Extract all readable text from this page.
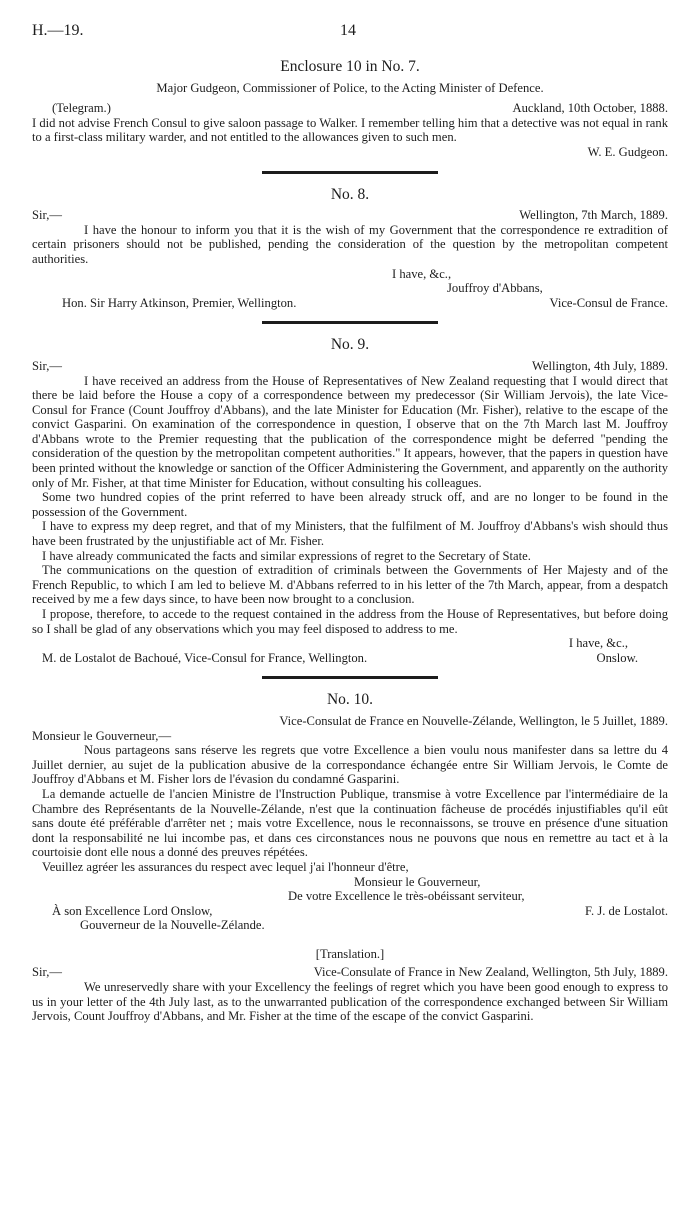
H.—19.	14
Enclosure 10 in No. 7.
Major Gudgeon, Commissioner of Police, to the Acting Minister of Defence.
(Telegram.)	Auckland, 10th October, 1888.

I did not advise French Consul to give saloon passage to Walker. I remember telling him that a detective was not equal in rank to a first-class military warder, and not entitled to the allowances given to such men.

W. E. Gudgeon.
No. 8.
Sir,—	Wellington, 7th March, 1889.

I have the honour to inform you that it is the wish of my Government that the correspondence re extradition of certain prisoners should not be published, pending the consideration of the question by the metropolitan competent authorities.

I have, &c.,
Jouffroy d'Abbans,
Hon. Sir Harry Atkinson, Premier, Wellington.	Vice-Consul de France.
No. 9.
Sir,—	Wellington, 4th July, 1889.

I have received an address from the House of Representatives of New Zealand requesting that I would direct that there be laid before the House a copy of a correspondence between my predecessor (Sir William Jervois), the late Vice-Consul for France (Count Jouffroy d'Abbans), and the late Minister for Education (Mr. Fisher), relative to the escape of the convict Gasparini. On examination of the correspondence in question, I observe that on the 7th March last M. Jouffroy d'Abbans wrote to the Premier requesting that the publication of the correspondence might be deferred "pending the consideration of the question by the metropolitan competent authorities." It appears, however, that the papers in question have been printed without the knowledge or sanction of the Officer Administering the Government, and apparently on the authority only of Mr. Fisher, at that time Minister for Education, without consulting his colleagues.

Some two hundred copies of the print referred to have been already struck off, and are no longer to be found in the possession of the Government.

I have to express my deep regret, and that of my Ministers, that the fulfilment of M. Jouffroy d'Abbans's wish should thus have been frustrated by the unjustifiable act of Mr. Fisher.

I have already communicated the facts and similar expressions of regret to the Secretary of State.

The communications on the question of extradition of criminals between the Governments of Her Majesty and of the French Republic, to which I am led to believe M. d'Abbans referred to in his letter of the 7th March, appear, from a despatch received by me a few days since, to have been now brought to a conclusion.

I propose, therefore, to accede to the request contained in the address from the House of Representatives, but before doing so I shall be glad of any observations which you may feel disposed to address to me.

I have, &c.,
M. de Lostalot de Bachoué, Vice-Consul for France, Wellington.	Onslow.
No. 10.
Vice-Consulat de France en Nouvelle-Zélande, Wellington, le 5 Juillet, 1889.
Monsieur le Gouverneur,—

Nous partageons sans réserve les regrets que votre Excellence a bien voulu nous manifester dans sa lettre du 4 Juillet dernier, au sujet de la publication abusive de la correspondance échangée entre Sir William Jervois, le Comte de Jouffroy d'Abbans et M. Fisher lors de l'évasion du condamné Gasparini.

La demande actuelle de l'ancien Ministre de l'Instruction Publique, transmise à votre Excellence par l'intermédiaire de la Chambre des Représentants de la Nouvelle-Zélande, n'est que la continuation fâcheuse de procédés injustifiables qu'il eût sans doute été préférable d'arrêter net ; mais votre Excellence, nous le reconnaissons, se trouve en présence d'une situation dont la responsabilité ne lui incombe pas, et dans ces circonstances nous ne pouvons que nous en remettre au tact et à la courtoisie dont elle nous a donné des preuves répétées.

Veuillez agréer les assurances du respect avec lequel j'ai l'honneur d'être,

Monsieur le Gouverneur,
De votre Excellence le très-obéissant serviteur,
À son Excellence Lord Onslow,	F. J. de Lostalot.
Gouverneur de la Nouvelle-Zélande.
[Translation.]
Sir,—	Vice-Consulate of France in New Zealand, Wellington, 5th July, 1889.

We unreservedly share with your Excellency the feelings of regret which you have been good enough to express to us in your letter of the 4th July last, as to the unwarranted publication of the correspondence exchanged between Sir William Jervois, Count Jouffroy d'Abbans, and Mr. Fisher at the time of the escape of the convict Gasparini.
